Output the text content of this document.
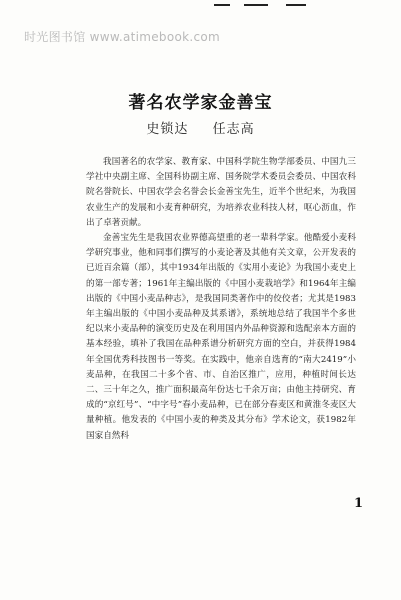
时光图书馆 www.atimebook.com
著名农学家金善宝
史锁达 任志高

我国著名的农学家、教育家、中国科学院生物学部委员、中国九三学社中央副主席、全国科协副主席、国务院学术委员会委员、中国农科院名誉院长、中国农学会名誉会长金善宝先生，近半个世纪来，为我国农业生产的发展和小麦育种研究，为培养农业科技人材，呕心沥血，作出了卓著贡献。

金善宝先生是我国农业界德高望重的老一辈科学家。他酷爱小麦科学研究事业，他和同事们撰写的小麦论著及其他有关文章，公开发表的已近百余篇（部），其中1934年出版的《实用小麦论》为我国小麦史上的第一部专著；1961年主编出版的《中国小麦栽培学》和1964年主编出版的《中国小麦品种志》，是我国同类著作中的佼佼者；尤其是1983年主编出版的《中国小麦品种及其系谱》，系统地总结了我国半个多世纪以来小麦品种的演变历史及在利用国内外品种资源和选配亲本方面的基本经验，填补了我国在品种系谱分析研究方面的空白，并获得1984年全国优秀科技图书一等奖。在实践中，他亲自选育的“南大2419”小麦品种，在我国二十多个省、市、自治区推广，应用，种植时间长达二、三十年之久，推广面积最高年份达七千余万亩；由他主持研究、育成的“京红号”、“中字号”春小麦品种，已在部分春麦区和黄淮冬麦区大量种植。他发表的《中国小麦的种类及其分布》学术论文，获1982年国家自然科

1
